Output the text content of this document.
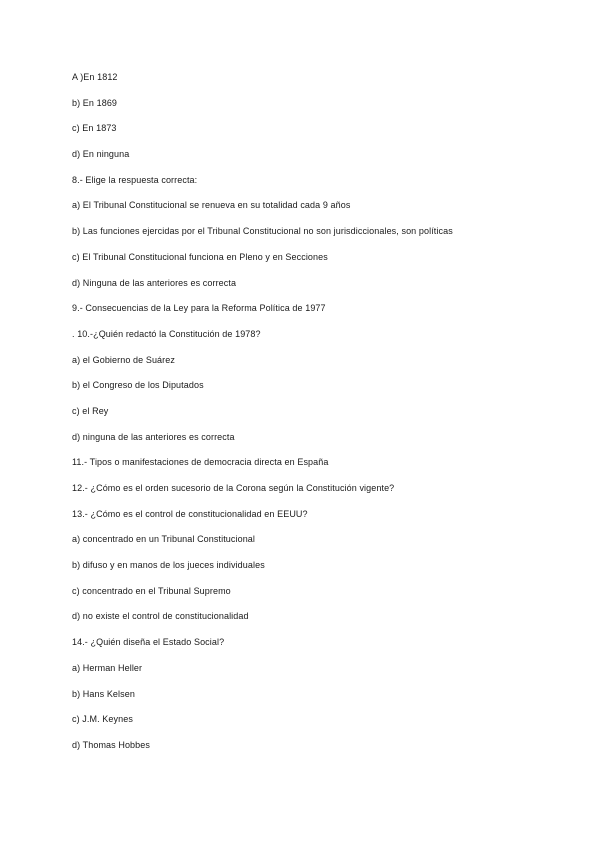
A )En 1812
b) En 1869
c) En 1873
d) En ninguna
8.- Elige la respuesta correcta:
a) El Tribunal Constitucional se renueva en su totalidad cada 9 años
b) Las funciones ejercidas por el Tribunal Constitucional no son jurisdiccionales, son políticas
c) El Tribunal Constitucional funciona en Pleno y en Secciones
d) Ninguna de las anteriores es correcta
9.- Consecuencias de la Ley para la Reforma Política de 1977
. 10.-¿Quién redactó la Constitución de 1978?
a) el Gobierno de Suárez
b) el Congreso de los Diputados
c) el Rey
d) ninguna de las anteriores es correcta
11.- Tipos o manifestaciones de democracia directa en España
12.- ¿Cómo es el orden sucesorio de la Corona según la Constitución vigente?
13.- ¿Cómo es el control de constitucionalidad en EEUU?
a) concentrado en un Tribunal Constitucional
b) difuso y en manos de los jueces individuales
c) concentrado en el Tribunal Supremo
d) no existe el control de constitucionalidad
14.- ¿Quién diseña el Estado Social?
a) Herman Heller
b) Hans Kelsen
c) J.M. Keynes
d) Thomas Hobbes
